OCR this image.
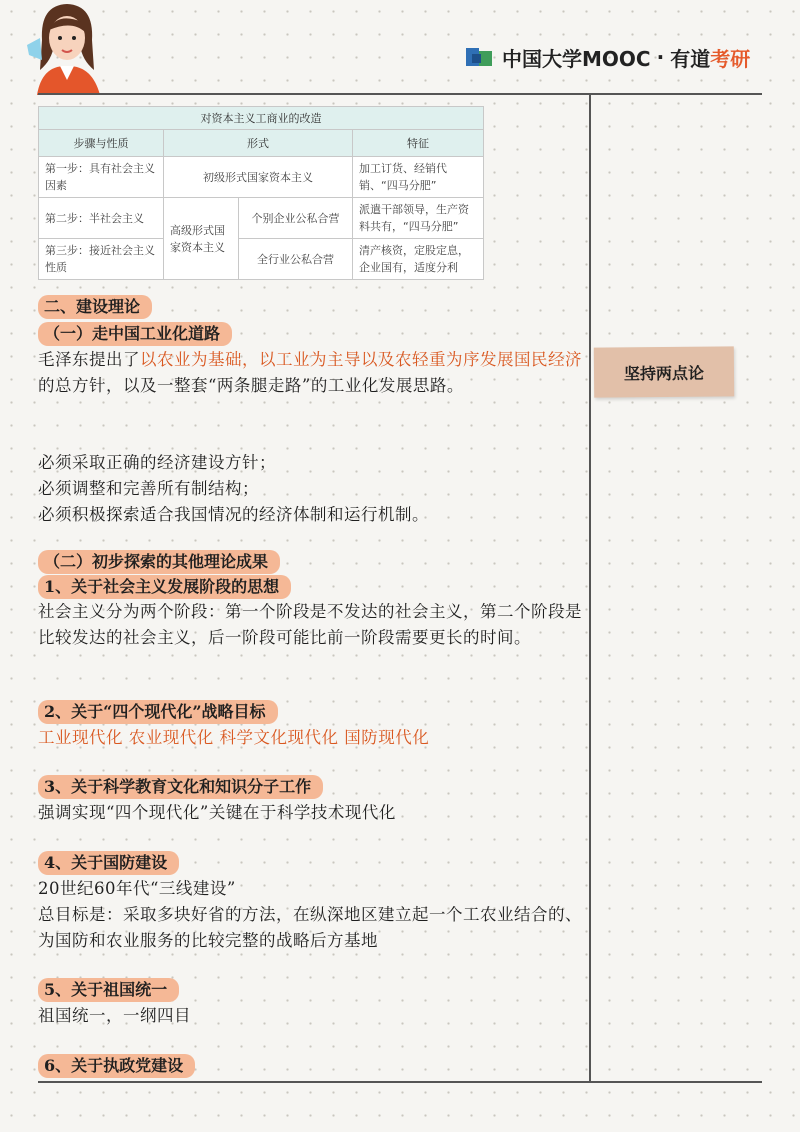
中国大学MOOC · 有道 考研
对资本主义工商业的改造			
步骤与性质	形式		特征
第一步：具有社会主义因素	初级形式国家资本主义		加工订货、经销代销、“四马分肥”
第二步：半社会主义	高级形式国家资本主义	个别企业公私合营	派遣干部领导，生产资料共有，“四马分肥”
第三步：接近社会主义性质		全行业公私合营	清产核资，定股定息，企业国有，适度分利
坚持两点论
二、建设理论
（一）走中国工业化道路
毛泽东提出了以农业为基础，以工业为主导以及农轻重为序发展国民经济的总方针，以及一整套“两条腿走路”的工业化发展思路。
必须采取正确的经济建设方针；
必须调整和完善所有制结构；
必须积极探索适合我国情况的经济体制和运行机制。
（二）初步探索的其他理论成果
1、关于社会主义发展阶段的思想
社会主义分为两个阶段：第一个阶段是不发达的社会主义，第二个阶段是比较发达的社会主义，后一阶段可能比前一阶段需要更长的时间。
2、关于“四个现代化”战略目标
工业现代化 农业现代化 科学文化现代化 国防现代化
3、关于科学教育文化和知识分子工作
强调实现“四个现代化”关键在于科学技术现代化
4、关于国防建设
20世纪60年代“三线建设”
总目标是：采取多块好省的方法，在纵深地区建立起一个工农业结合的、为国防和农业服务的比较完整的战略后方基地
5、关于祖国统一
祖国统一，一纲四目
6、关于执政党建设
